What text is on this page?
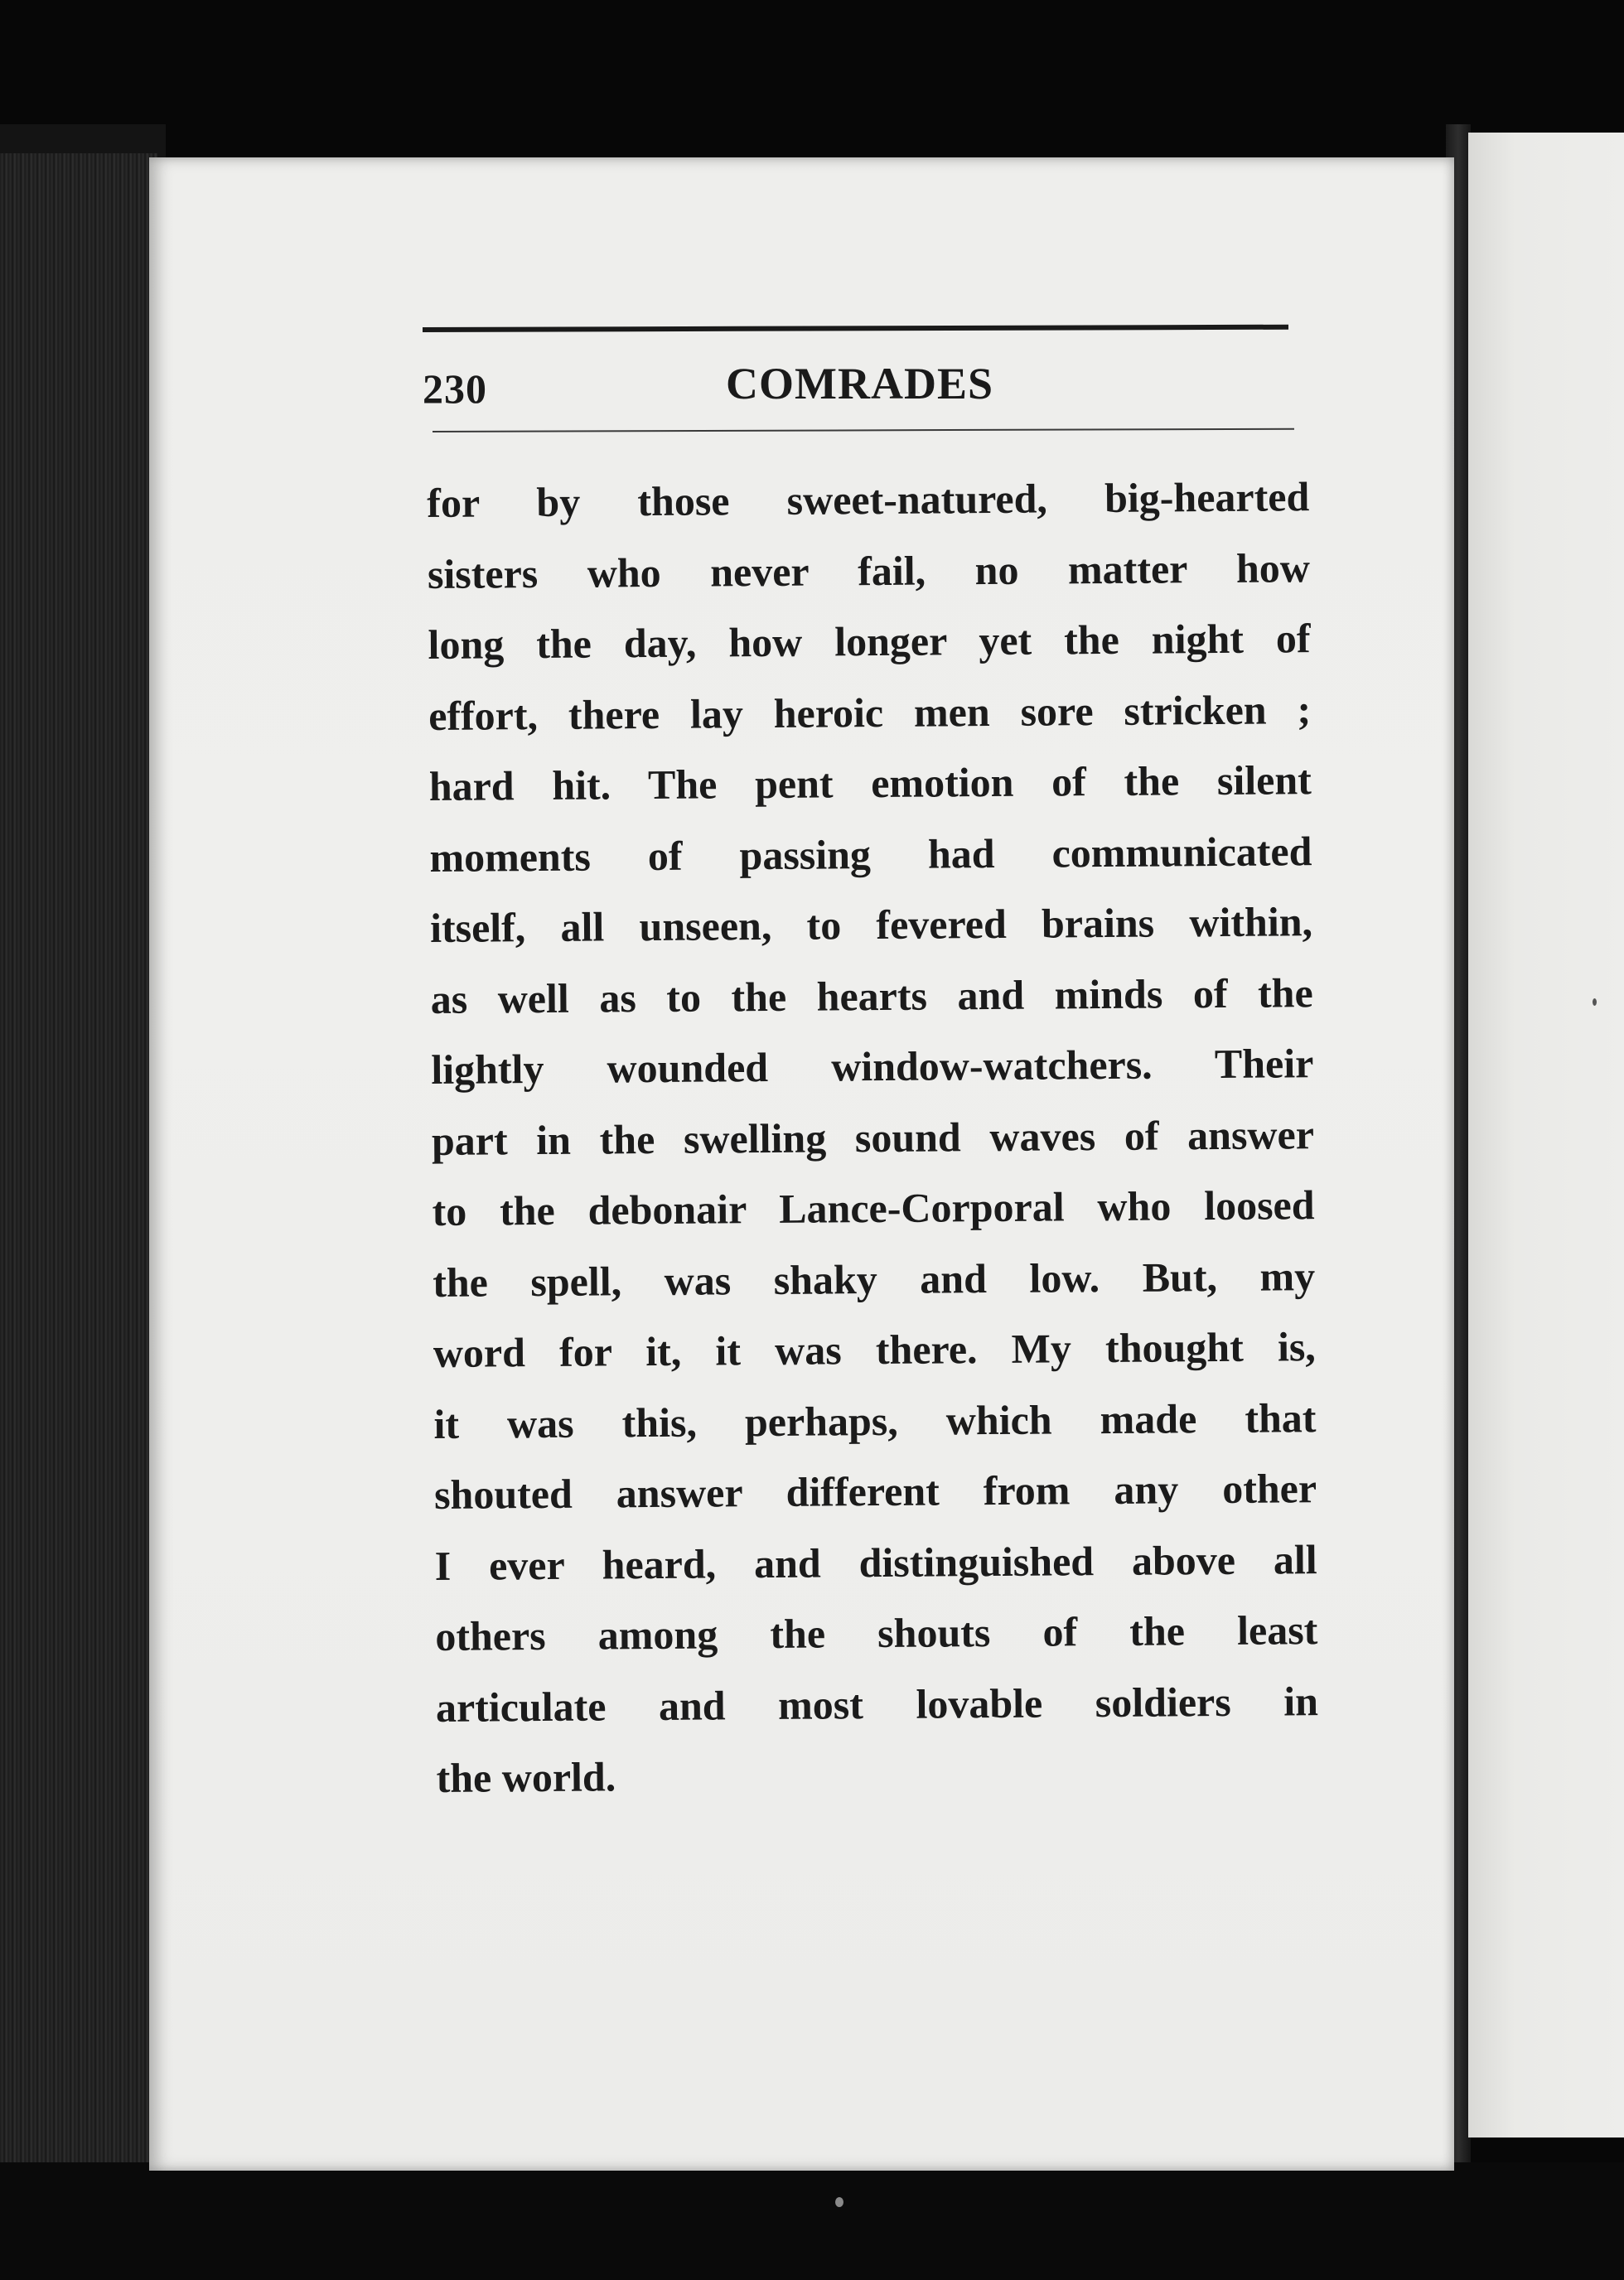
230	COMRADES
for by those sweet-natured, big-hearted
sisters who never fail, no matter how
long the day, how longer yet the night of
effort, there lay heroic men sore stricken ;
hard hit. The pent emotion of the silent
moments of passing had communicated
itself, all unseen, to fevered brains within,
as well as to the hearts and minds of the
lightly wounded window-watchers. Their
part in the swelling sound waves of answer
to the debonair Lance-Corporal who loosed
the spell, was shaky and low. But, my
word for it, it was there. My thought is,
it was this, perhaps, which made that
shouted answer different from any other
I ever heard, and distinguished above all
others among the shouts of the least
articulate and most lovable soldiers in
the world.
